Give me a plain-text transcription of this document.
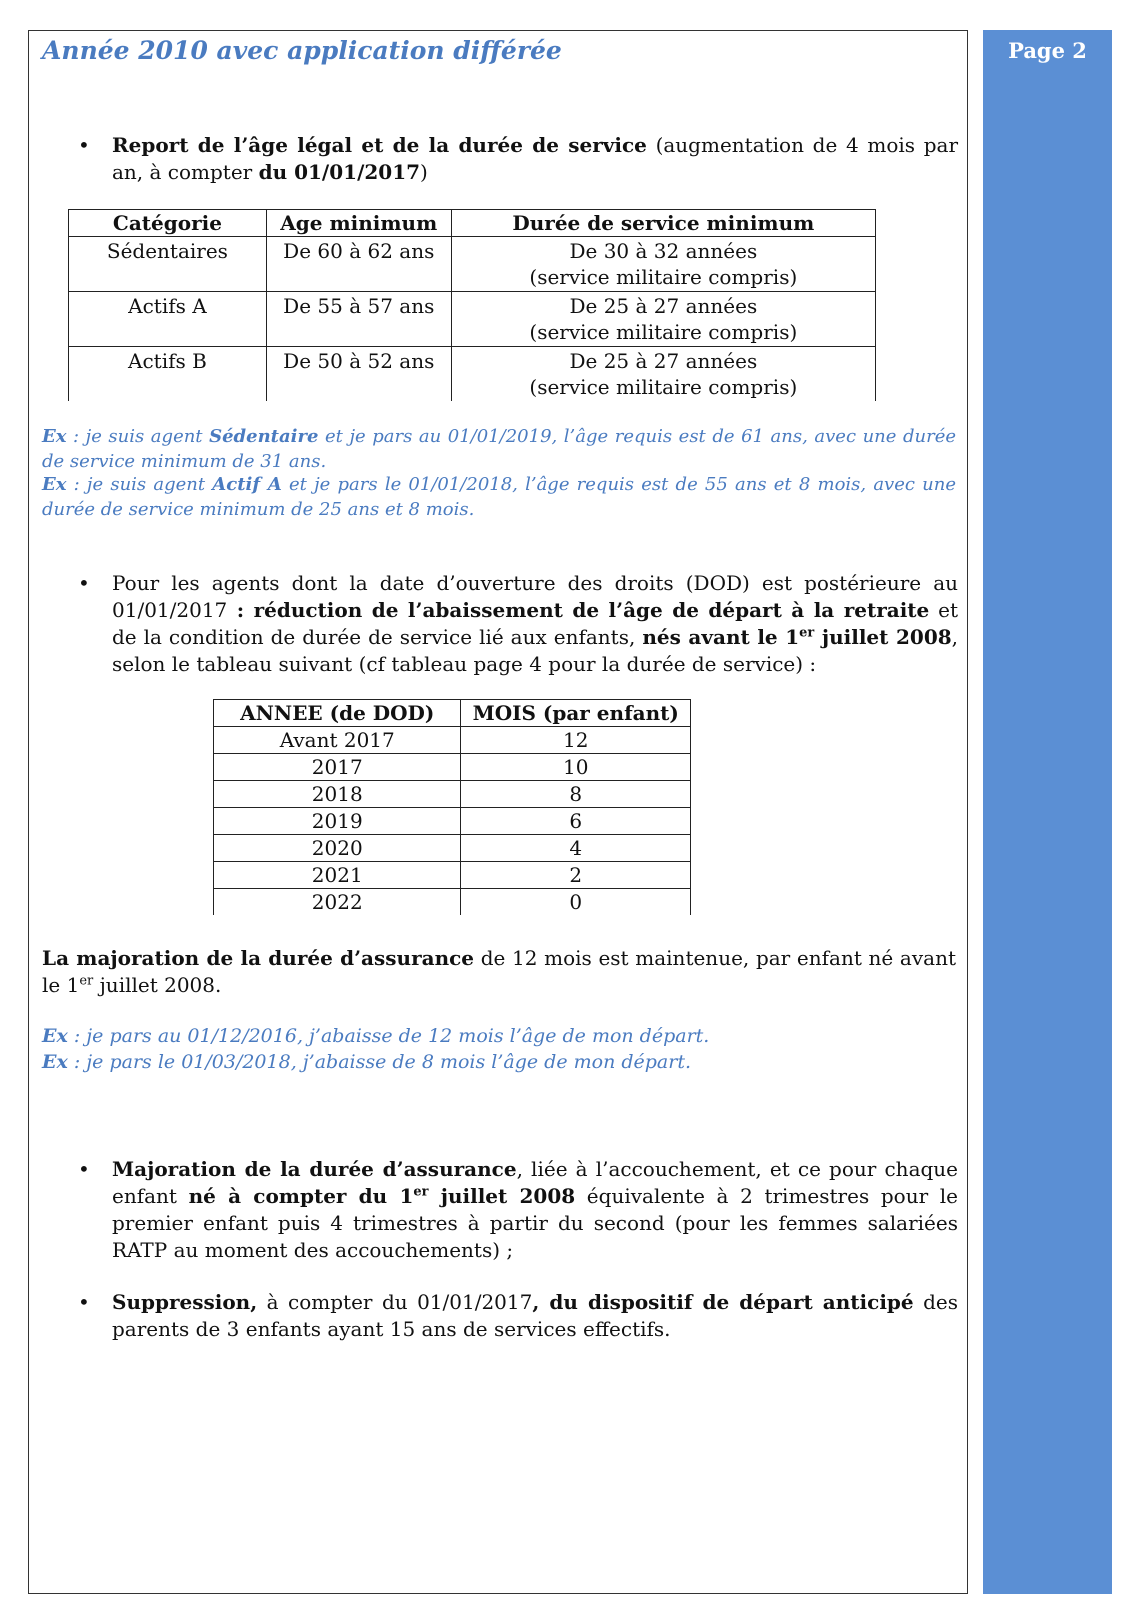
Page 2
Année 2010 avec application différée
• Report de l’âge légal et de la durée de service (augmentation de 4 mois par an, à compter du 01/01/2017)
Catégorie	Age minimum	Durée de service minimum
Sédentaires	De 60 à 62 ans	De 30 à 32 années
(service militaire compris)

Actifs A	De 55 à 57 ans	De 25 à 27 années
(service militaire compris)

Actifs B	De 50 à 52 ans	De 25 à 27 années
(service militaire compris)
Ex : je suis agent Sédentaire et je pars au 01/01/2019, l’âge requis est de 61 ans, avec une durée de service minimum de 31 ans.
Ex : je suis agent Actif A et je pars le 01/01/2018, l’âge requis est de 55 ans et 8 mois, avec une durée de service minimum de 25 ans et 8 mois.
• Pour les agents dont la date d’ouverture des droits (DOD) est postérieure au 01/01/2017 : réduction de l’abaissement de l’âge de départ à la retraite et de la condition de durée de service lié aux enfants, nés avant le 1er juillet 2008, selon le tableau suivant (cf tableau page 4 pour la durée de service) :
ANNEE (de DOD)	MOIS (par enfant)
Avant 2017	12
2017	10
2018	8
2019	6
2020	4
2021	2
2022	0
La majoration de la durée d’assurance de 12 mois est maintenue, par enfant né avant le 1er juillet 2008.
Ex : je pars au 01/12/2016, j’abaisse de 12 mois l’âge de mon départ.
Ex : je pars le 01/03/2018, j’abaisse de 8 mois l’âge de mon départ.
• Majoration de la durée d’assurance, liée à l’accouchement, et ce pour chaque enfant né à compter du 1er juillet 2008 équivalente à 2 trimestres pour le premier enfant puis 4 trimestres à partir du second (pour les femmes salariées RATP au moment des accouchements) ;
• Suppression, à compter du 01/01/2017, du dispositif de départ anticipé des parents de 3 enfants ayant 15 ans de services effectifs.
